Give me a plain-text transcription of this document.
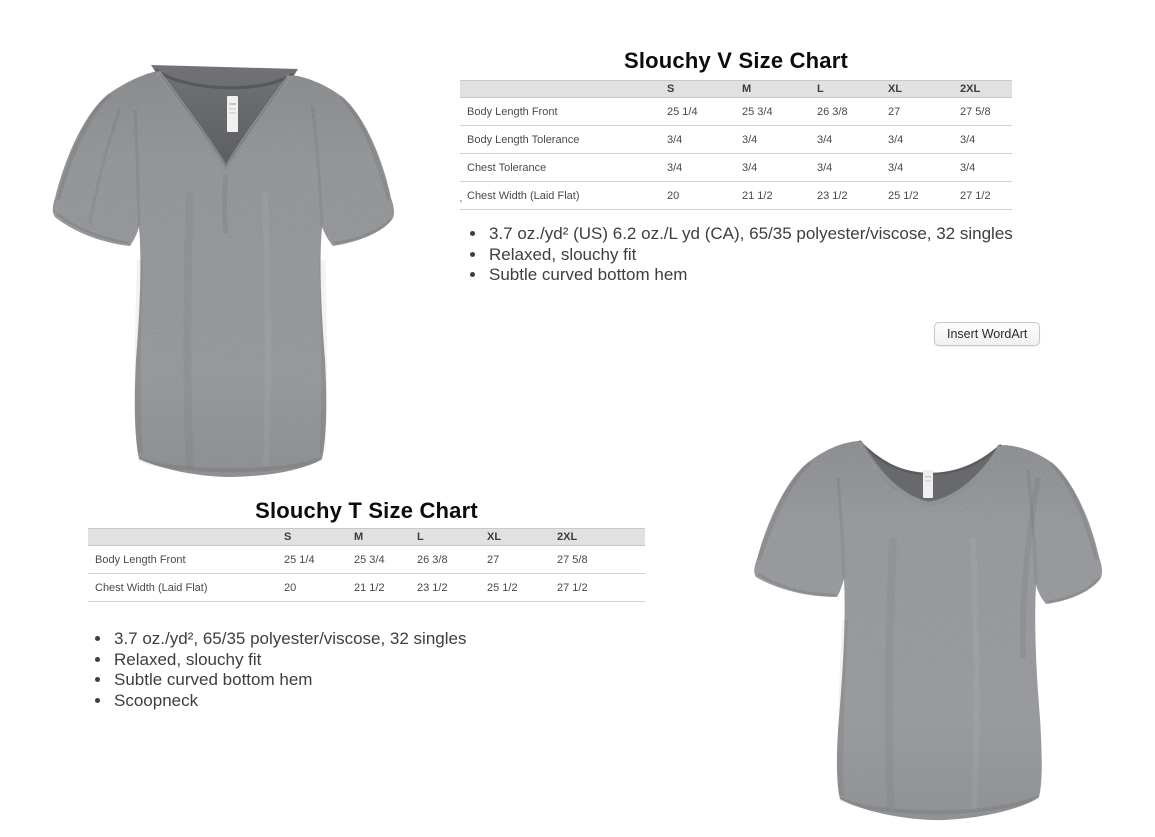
Slouchy V Size Chart
	S	M	L	XL	2XL
Body Length Front	25 1/4	25 3/4	26 3/8	27	27 5/8
Body Length Tolerance	3/4	3/4	3/4	3/4	3/4
Chest Tolerance	3/4	3/4	3/4	3/4	3/4
Chest Width (Laid Flat)	20	21 1/2	23 1/2	25 1/2	27 1/2
'
• 3.7 oz./yd² (US) 6.2 oz./L yd (CA), 65/35 polyester/viscose, 32 singles
• Relaxed, slouchy fit
• Subtle curved bottom hem
Insert WordArt
Slouchy T Size Chart
	S	M	L	XL	2XL
Body Length Front	25 1/4	25 3/4	26 3/8	27	27 5/8
Chest Width (Laid Flat)	20	21 1/2	23 1/2	25 1/2	27 1/2
• 3.7 oz./yd², 65/35 polyester/viscose, 32 singles
• Relaxed, slouchy fit
• Subtle curved bottom hem
• Scoopneck
